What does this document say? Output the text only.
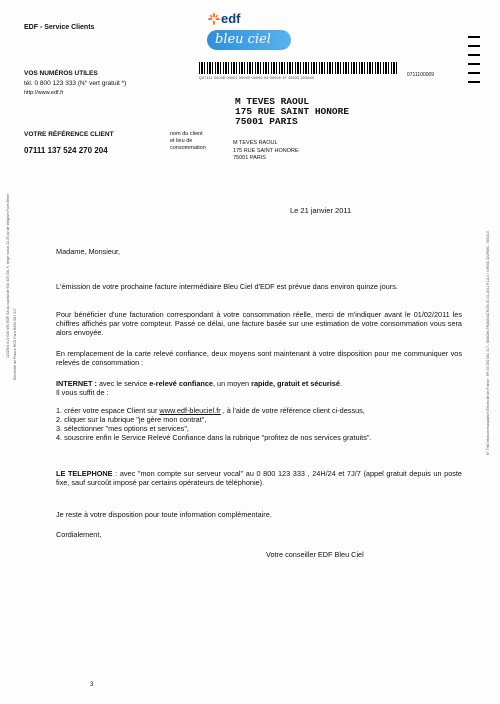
EDF - Service Clients
edf
bleu ciel
Q07111 00048 00001 00000 00000 04 00009 1F 36020 203540	0711100009
1102364 613 028 V30 EDF SA au capital de 924 433 331 €, siège social 22-30 av de Wagram Paris 8ème Electricité de France RCS Paris B552 081 317	N° TVA Intracommunautaire Electricité de France : FR 03 552 081 317 - IMAGIN TRANSACTION 20-01-2011 P1114 / 4 R000 3229600 - V00210
VOS NUMÉROS UTILES
tél. 0 800 123 333 (N° vert gratuit *)
http://www.edf.fr
VOTRE RÉFÉRENCE CLIENT
07111 137 524 270 204
M TEVES RAOUL
175 RUE SAINT HONORE
75001 PARIS
nom du client
et lieu de
consommation
M TEVES RAOUL
175 RUE SAINT HONORE
75001 PARIS
Le 21 janvier 2011
Madame, Monsieur,
L'émission de votre prochaine facture intermédiaire Bleu Ciel d'EDF est prévue dans environ quinze jours.
Pour bénéficier d'une facturation correspondant à votre consommation réelle, merci de m'indiquer avant le 01/02/2011 les chiffres affichés par votre compteur. Passé ce délai, une facture basée sur une estimation de votre consommation vous sera alors envoyée.
En remplacement de la carte relevé confiance, deux moyens sont maintenant à votre disposition pour me communiquer vos relevés de consommation :

INTERNET : avec le service e-relevé confiance, un moyen rapide, gratuit et sécurisé.

Il vous suffit de :

1. créer votre espace Client sur www.edf-bleuciel.fr , à l'aide de votre référence client ci-dessus,

2. cliquer sur la rubrique "je gère mon contrat",

3. sélectionner "mes options et services",

4. souscrire enfin le Service Relevé Confiance dans la rubrique "profitez de nos services gratuits".

LE TELEPHONE : avec "mon compte sur serveur vocal" au 0 800 123 333 , 24H/24 et 7J/7 (appel gratuit depuis un poste fixe, sauf surcoût imposé par certains opérateurs de téléphonie).

Je reste à votre disposition pour toute information complémentaire.
Cordialement,
Votre conseiller EDF Bleu Ciel
3
